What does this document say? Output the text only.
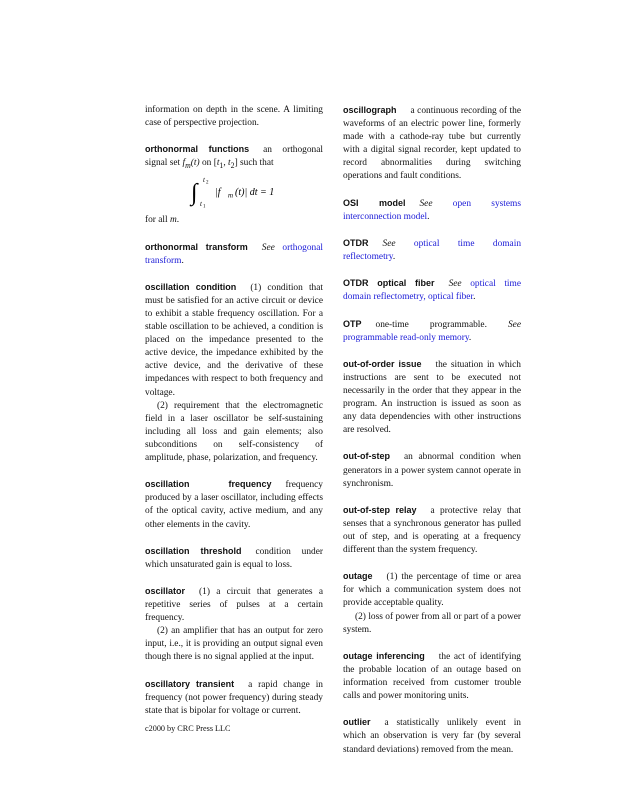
information on depth in the scene. A limiting case of perspective projection.

orthonormal functions an orthogonal signal set $f_m(t)$ on [$t_1$, $t_2$] such that

∫ t 2
t 1
|f m (t)| dt = 1

for all m.

orthonormal transform See orthogonal transform.

oscillation condition (1) condition that must be satisfied for an active circuit or device to exhibit a stable frequency oscillation. For a stable oscillation to be achieved, a condition is placed on the impedance presented to the active device, the impedance exhibited by the active device, and the derivative of these impedances with respect to both frequency and voltage.

(2) requirement that the electromagnetic field in a laser oscillator be self-sustaining including all loss and gain elements; also subconditions on self-consistency of amplitude, phase, polarization, and frequency.

oscillation frequency frequency produced by a laser oscillator, including effects of the optical cavity, active medium, and any other elements in the cavity.

oscillation threshold condition under which unsaturated gain is equal to loss.

oscillator (1) a circuit that generates a repetitive series of pulses at a certain frequency.

(2) an amplifier that has an output for zero input, i.e., it is providing an output signal even though there is no signal applied at the input.

oscillatory transient a rapid change in frequency (not power frequency) during steady state that is bipolar for voltage or current.

oscillograph a continuous recording of the waveforms of an electric power line, formerly made with a cathode-ray tube but currently with a digital signal recorder, kept updated to record abnormalities during switching operations and fault conditions.

OSI model See open systems interconnection model.

OTDR See optical time domain reflectometry.

OTDR optical fiber See optical time domain reflectometry, optical fiber.

OTP one-time programmable. See programmable read-only memory.

out-of-order issue the situation in which instructions are sent to be executed not necessarily in the order that they appear in the program. An instruction is issued as soon as any data dependencies with other instructions are resolved.

out-of-step an abnormal condition when generators in a power system cannot operate in synchronism.

out-of-step relay a protective relay that senses that a synchronous generator has pulled out of step, and is operating at a frequency different than the system frequency.

outage (1) the percentage of time or area for which a communication system does not provide acceptable quality.

(2) loss of power from all or part of a power system.

outage inferencing the act of identifying the probable location of an outage based on information received from customer trouble calls and power monitoring units.

outlier a statistically unlikely event in which an observation is very far (by several standard deviations) removed from the mean.

c2000 by CRC Press LLC
